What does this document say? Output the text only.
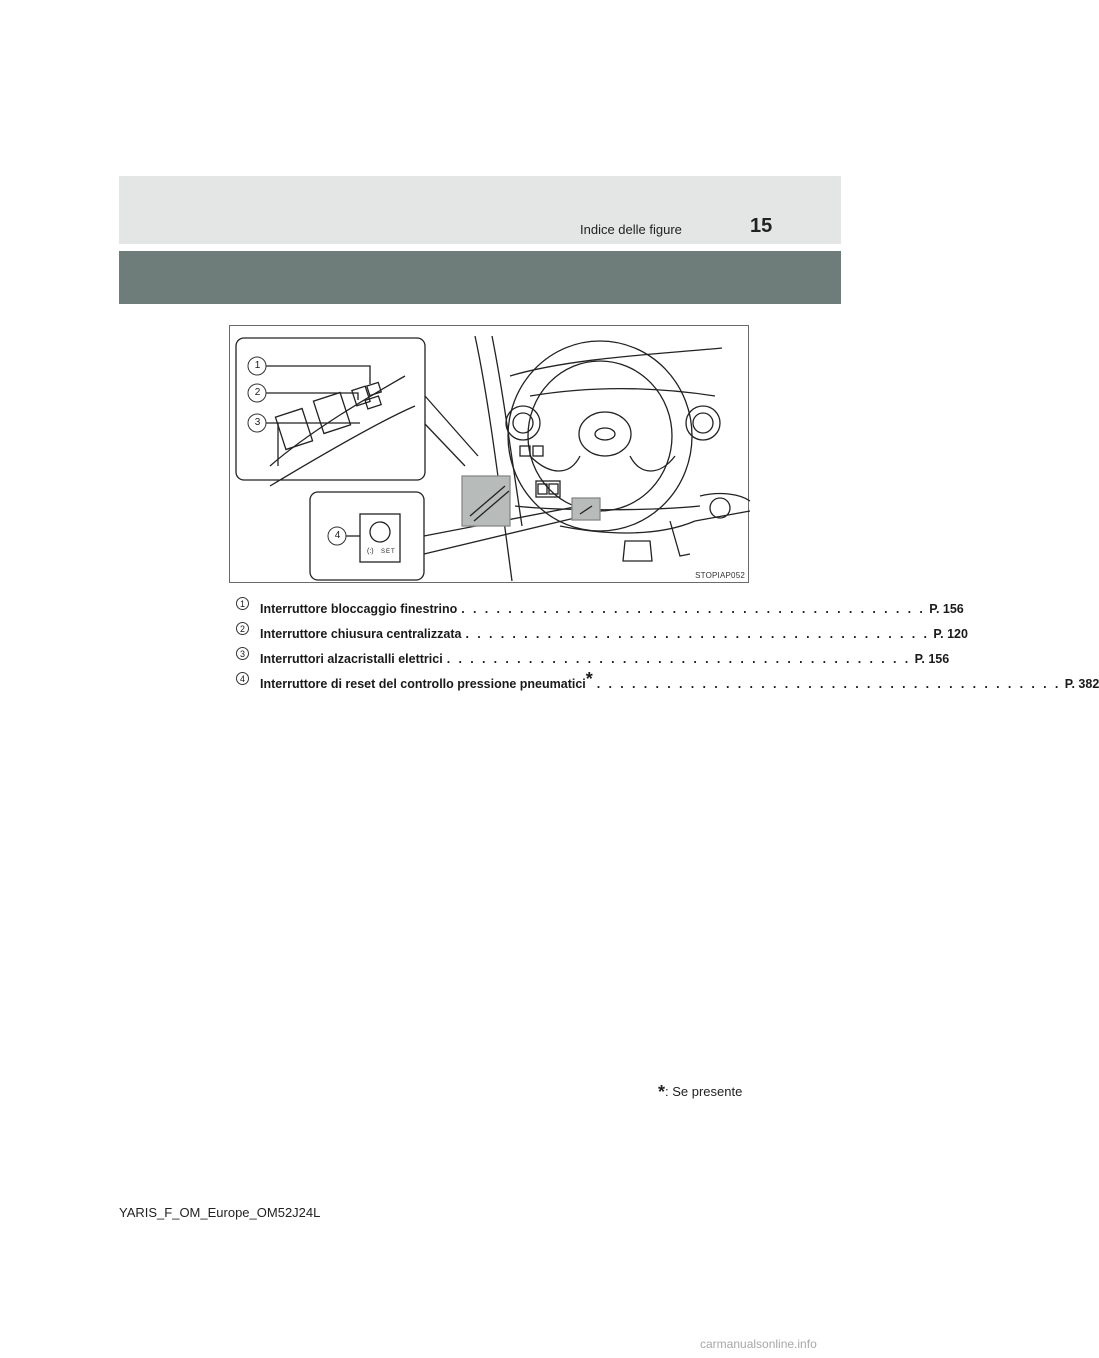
Indice delle figure	15
1
2
3
4
(:) SET
STOPIAP052
1	Interruttore bloccaggio finestrino . . . . . . . . . . . . . . . . . . . . . . . . . . . . . . . . . . . . . . . . P. 156
2	Interruttore chiusura centralizzata . . . . . . . . . . . . . . . . . . . . . . . . . . . . . . . . . . . . . . . . P. 120
3	Interruttori alzacristalli elettrici . . . . . . . . . . . . . . . . . . . . . . . . . . . . . . . . . . . . . . . . P. 156
4	Interruttore di reset del controllo pressione pneumatici * . . . . . . . . . . . . . . . . . . . . . . . . . . . . . . . . . . . . . . . . P. 382
*: Se presente
YARIS_F_OM_Europe_OM52J24L
carmanualsonline.info
